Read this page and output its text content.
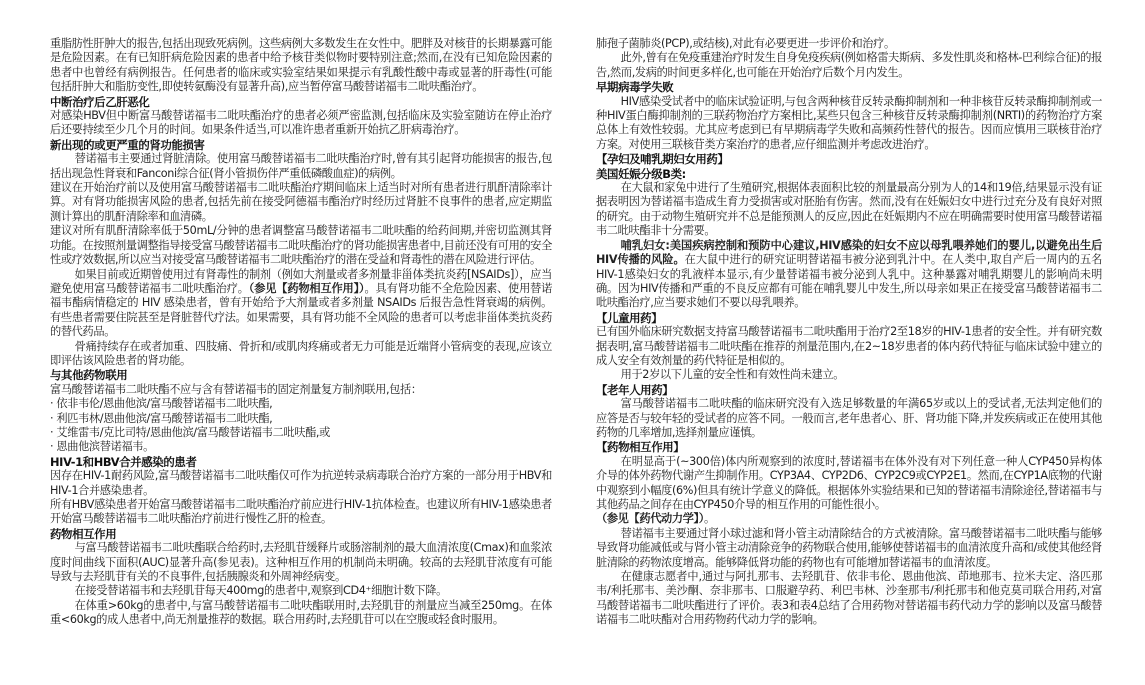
重脂肪性肝肿大的报告,包括出现致死病例。这些病例大多数发生在女性中。肥胖及对核苷的长期暴露可能是危险因素。在有已知肝病危险因素的患者中给予核苷类似物时要特别注意;然而,在没有已知危险因素的患者中也曾经有病例报告。任何患者的临床或实验室结果如果提示有乳酸性酸中毒或显著的肝毒性(可能包括肝肿大和脂肪变性,即使转氨酶没有显著升高),应当暂停富马酸替诺福韦二吡呋酯治疗。

中断治疗后乙肝恶化

对感染HBV但中断富马酸替诺福韦二吡呋酯治疗的患者必须严密监测,包括临床及实验室随访在停止治疗后还要持续至少几个月的时间。如果条件适当,可以准许患者重新开始抗乙肝病毒治疗。

新出现的或更严重的肾功能损害

替诺福韦主要通过肾脏清除。使用富马酸替诺福韦二吡呋酯治疗时,曾有其引起肾功能损害的报告,包括出现急性肾衰和Fanconi综合征(肾小管损伤伴严重低磷酸血症)的病例。

建议在开始治疗前以及使用富马酸替诺福韦二吡呋酯治疗期间临床上适当时对所有患者进行肌酐清除率计算。对有肾功能损害风险的患者,包括先前在接受阿德福韦酯治疗时经历过肾脏不良事件的患者,应定期监测计算出的肌酐清除率和血清磷。

建议对所有肌酐清除率低于50mL/分钟的患者调整富马酸替诺福韦二吡呋酯的给药间期,并密切监测其肾功能。在按照剂量调整指导接受富马酸替诺福韦二吡呋酯治疗的肾功能损害患者中,目前还没有可用的安全性或疗效数据,所以应当对接受富马酸替诺福韦二吡呋酯治疗的潜在受益和肾毒性的潜在风险进行评估。

如果目前或近期曾使用过有肾毒性的制剂（例如大剂量或者多剂量非甾体类抗炎药[NSAIDs]），应当避免使用富马酸替诺福韦二吡呋酯治疗。（参见【药物相互作用】）。具有肾功能不全危险因素、使用替诺福韦酯病情稳定的 HIV 感染患者，曾有开始给予大剂量或者多剂量 NSAIDs 后报告急性肾衰竭的病例。有些患者需要住院甚至是肾脏替代疗法。如果需要，具有肾功能不全风险的患者可以考虑非甾体类抗炎药的替代药品。

骨痛持续存在或者加重、四肢痛、骨折和/或肌肉疼痛或者无力可能是近端肾小管病变的表现,应该立即评估该风险患者的肾功能。

与其他药物联用

富马酸替诺福韦二吡呋酯不应与含有替诺福韦的固定剂量复方制剂联用,包括：

· 依非韦伦/恩曲他滨/富马酸替诺福韦二吡呋酯,

· 利匹韦林/恩曲他滨/富马酸替诺福韦二吡呋酯,

· 艾维雷韦/克比司特/恩曲他滨/富马酸替诺福韦二吡呋酯,或

· 恩曲他滨替诺福韦。

HIV-1和HBV合并感染的患者

因存在HIV-1耐药风险,富马酸替诺福韦二吡呋酯仅可作为抗逆转录病毒联合治疗方案的一部分用于HBV和HIV-1合并感染患者。

所有HBV感染患者开始富马酸替诺福韦二吡呋酯治疗前应进行HIV-1抗体检查。也建议所有HIV-1感染患者开始富马酸替诺福韦二吡呋酯治疗前进行慢性乙肝的检查。

药物相互作用

与富马酸替诺福韦二吡呋酯联合给药时,去羟肌苷缓释片或肠溶制剂的最大血清浓度(Cmax)和血浆浓度时间曲线下面积(AUC)显著升高(参见表)。这种相互作用的机制尚未明确。较高的去羟肌苷浓度有可能导致与去羟肌苷有关的不良事件,包括胰腺炎和外周神经病变。

在接受替诺福韦和去羟肌苷每天400mg的患者中,观察到CD4⁺细胞计数下降。

在体重>60kg的患者中,与富马酸替诺福韦二吡呋酯联用时,去羟肌苷的剂量应当减至250mg。在体重<60kg的成人患者中,尚无剂量推荐的数据。联合用药时,去羟肌苷可以在空腹或轻食时服用。

肺孢子菌肺炎(PCP),或结核),对此有必要更进一步评价和治疗。

此外,曾有在免疫重建治疗时发生自身免疫疾病(例如格雷夫斯病、多发性肌炎和格林-巴利综合征)的报告,然而,发病的时间更多样化,也可能在开始治疗后数个月内发生。

早期病毒学失败

HIV感染受试者中的临床试验证明,与包含两种核苷反转录酶抑制剂和一种非核苷反转录酶抑制剂或一种HIV蛋白酶抑制剂的三联药物治疗方案相比,某些只包含三种核苷反转录酶抑制剂(NRTI)的药物治疗方案总体上有效性较弱。尤其应考虑到已有早期病毒学失败和高频药性替代的报告。因而应慎用三联核苷治疗方案。对使用三联核苷类方案治疗的患者,应仔细监测并考虑改进治疗。

【孕妇及哺乳期妇女用药】
美国妊娠分级B类:

在大鼠和家兔中进行了生殖研究,根据体表面积比较的剂量最高分别为人的14和19倍,结果显示没有证据表明因为替诺福韦造成生育力受损害或对胚胎有伤害。然而,没有在妊娠妇女中进行过充分及有良好对照的研究。由于动物生殖研究并不总是能预测人的反应,因此在妊娠期内不应在明确需要时使用富马酸替诺福韦二吡呋酯非十分需要。

哺乳妇女:美国疾病控制和预防中心建议,HIV感染的妇女不应以母乳喂养她们的婴儿,以避免出生后HIV传播的风险。在大鼠中进行的研究证明替诺福韦被分泌到乳汁中。在人类中,取自产后一周内的五名HIV-1感染妇女的乳液样本显示,有少量替诺福韦被分泌到人乳中。这种暴露对哺乳期婴儿的影响尚未明确。因为HIV传播和严重的不良反应都有可能在哺乳婴儿中发生,所以母亲如果正在接受富马酸替诺福韦二吡呋酯治疗,应当要求她们不要以母乳喂养。

【儿童用药】

已有国外临床研究数据支持富马酸替诺福韦二吡呋酯用于治疗2至18岁的HIV-1患者的安全性。并有研究数据表明,富马酸替诺福韦二吡呋酯在推荐的剂量范围内,在2~18岁患者的体内药代特征与临床试验中建立的成人安全有效剂量的药代特征是相似的。

用于2岁以下儿童的安全性和有效性尚未建立。

【老年人用药】

富马酸替诺福韦二吡呋酯的临床研究没有入选足够数量的年满65岁或以上的受试者,无法判定他们的应答是否与较年轻的受试者的应答不同。一般而言,老年患者心、肝、肾功能下降,并发疾病或正在使用其他药物的几率增加,选择剂量应谨慎。

【药物相互作用】

在明显高于(~300倍)体内所观察到的浓度时,替诺福韦在体外没有对下列任意一种人CYP450异构体介导的体外药物代谢产生抑制作用。CYP3A4、CYP2D6、CYP2C9或CYP2E1。然而,在CYP1A底物的代谢中观察到小幅度(6%)但具有统计学意义的降低。根据体外实验结果和已知的替诺福韦清除途径,替诺福韦与其他药品之间存在由CYP450介导的相互作用的可能性很小。

（参见【药代动力学】）。

替诺福韦主要通过肾小球过滤和肾小管主动清除结合的方式被清除。富马酸替诺福韦二吡呋酯与能够导致肾功能减低或与肾小管主动清除竞争的药物联合使用,能够使替诺福韦的血清浓度升高和/或使其他经肾脏清除的药物浓度增高。能够降低肾功能的药物也有可能增加替诺福韦的血清浓度。

在健康志愿者中,通过与阿扎那韦、去羟肌苷、依非韦伦、恩曲他滨、茚地那韦、拉米夫定、洛匹那韦/利托那韦、美沙酮、奈非那韦、口服避孕药、利巴韦林、沙奎那韦/利托那韦和他克莫司联合用药,对富马酸替诺福韦二吡呋酯进行了评价。表3和表4总结了合用药物对替诺福韦药代动力学的影响以及富马酸替诺福韦二吡呋酯对合用药物药代动力学的影响。
